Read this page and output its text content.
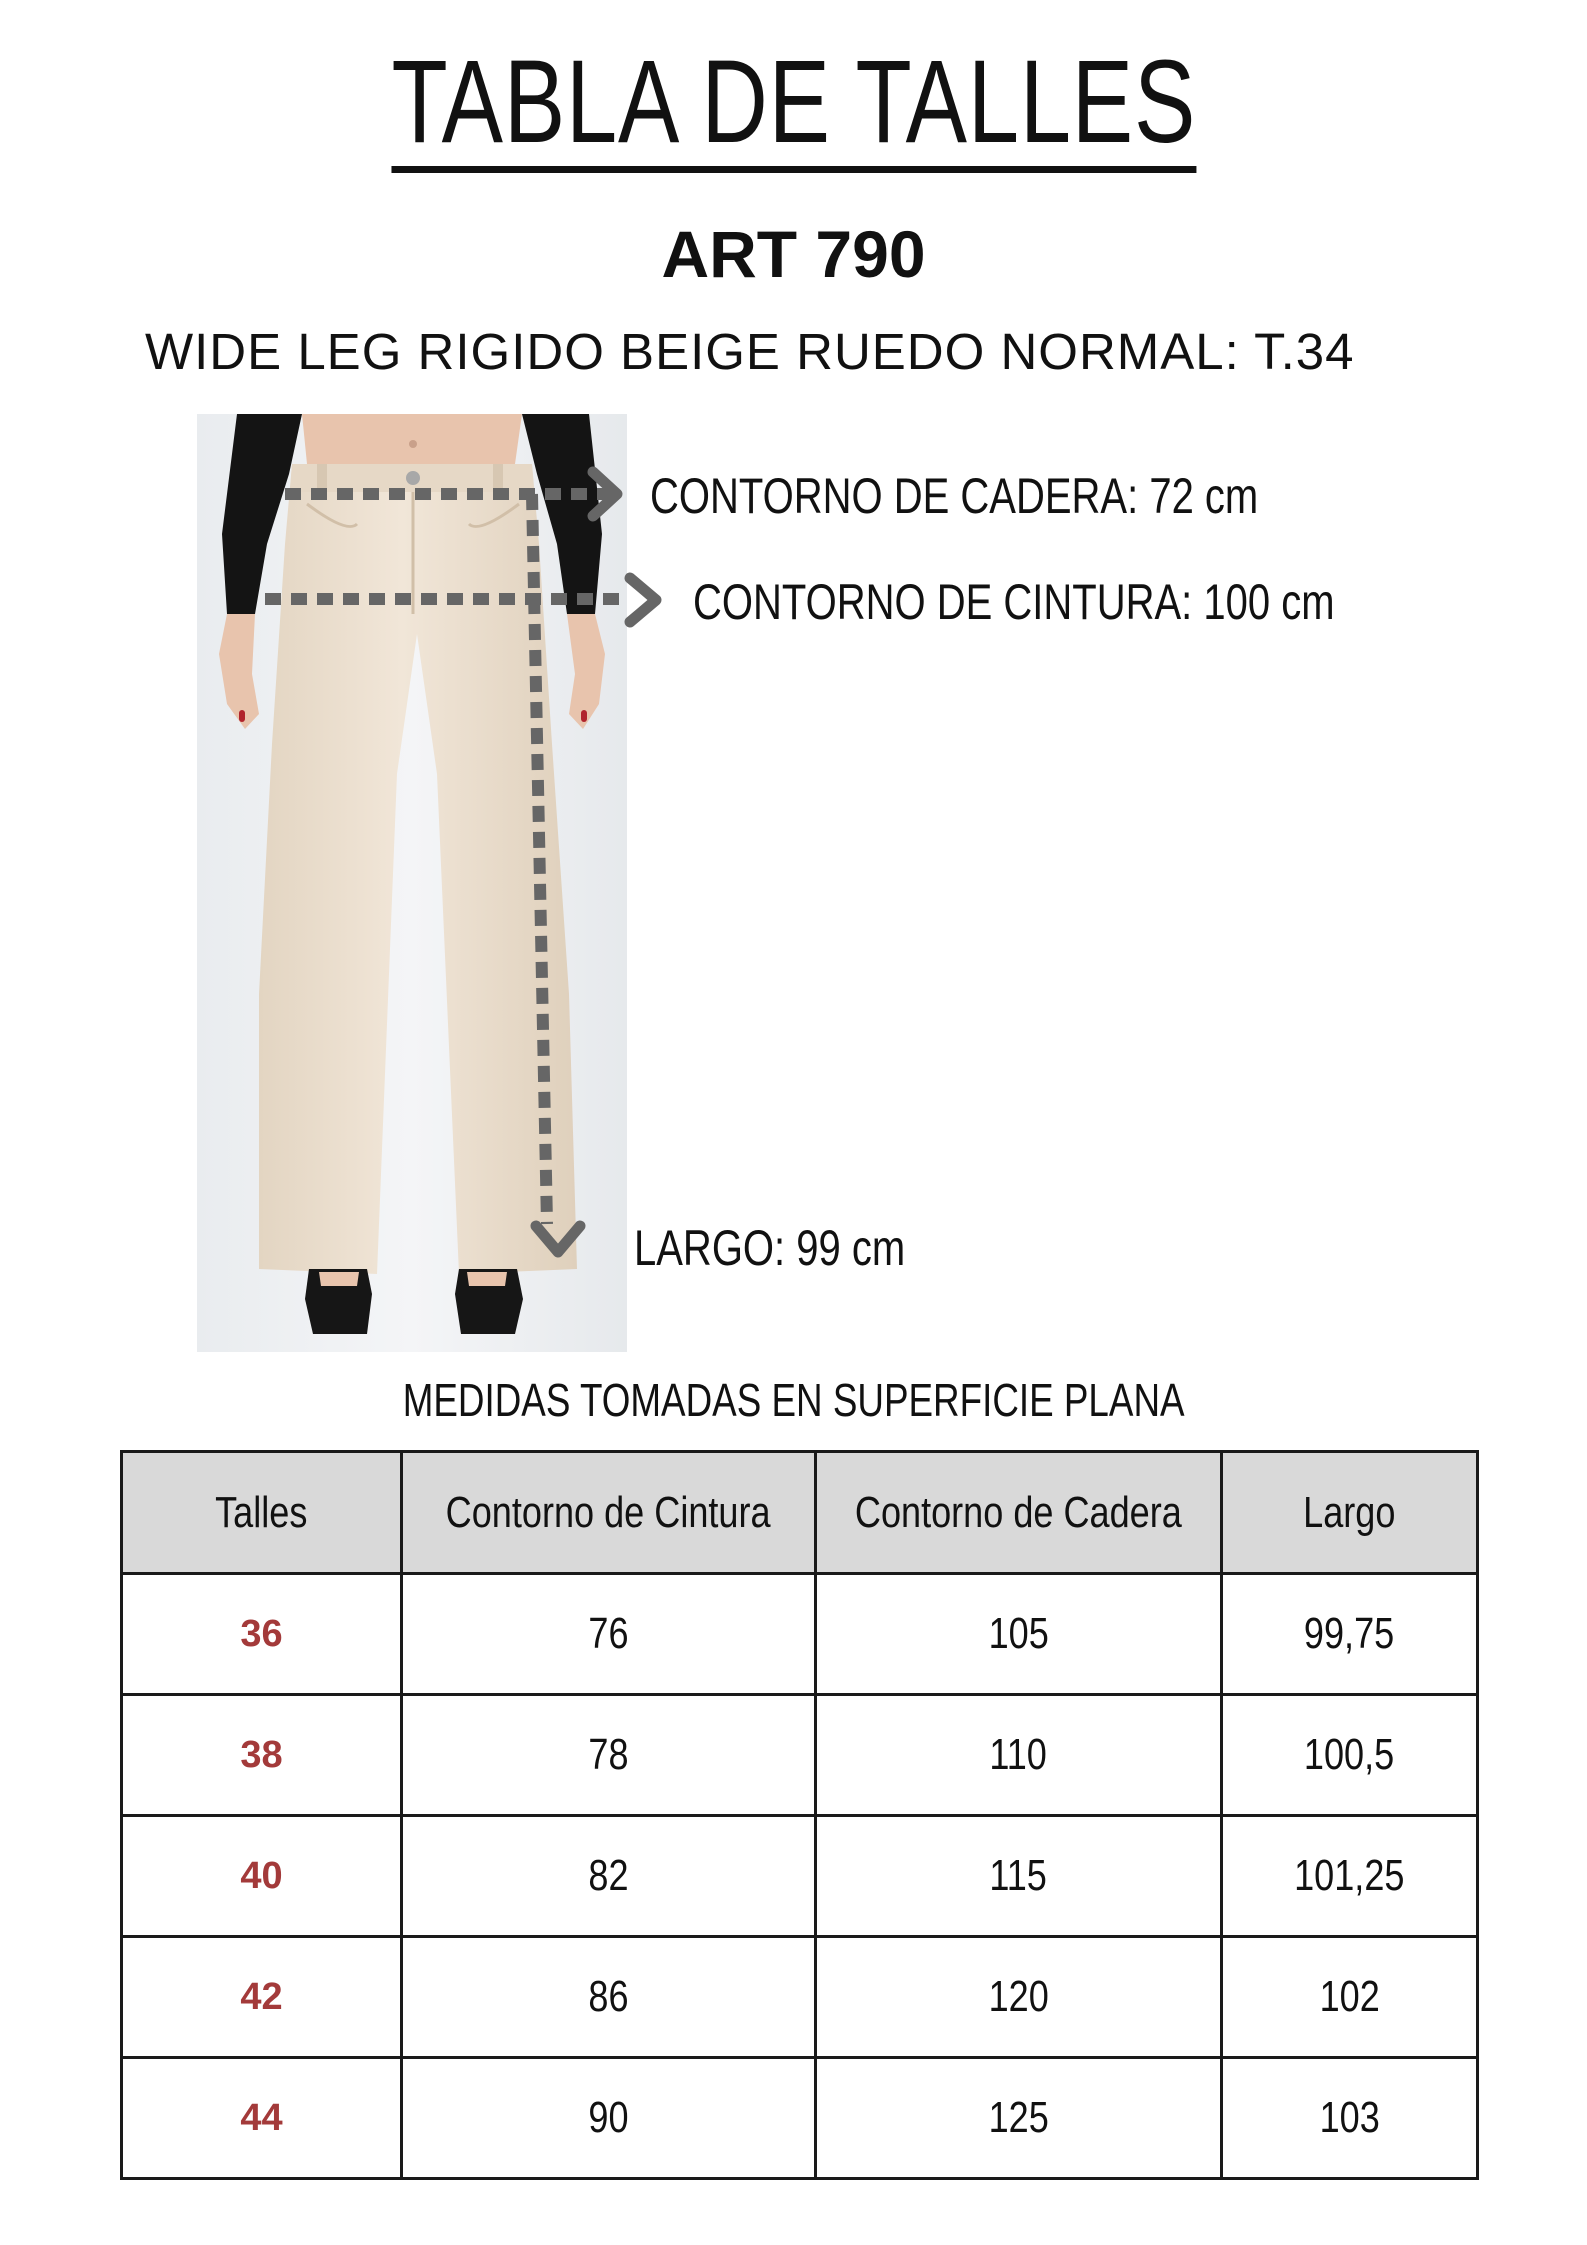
TABLA DE TALLES
ART 790
WIDE LEG RIGIDO BEIGE RUEDO NORMAL: T.34
CONTORNO DE CADERA: 72 cm
CONTORNO DE CINTURA: 100 cm
LARGO: 99 cm
MEDIDAS TOMADAS EN SUPERFICIE PLANA
Talles	Contorno de Cintura	Contorno de Cadera	Largo
36	76	105	99,75
38	78	110	100,5
40	82	115	101,25
42	86	120	102
44	90	125	103
